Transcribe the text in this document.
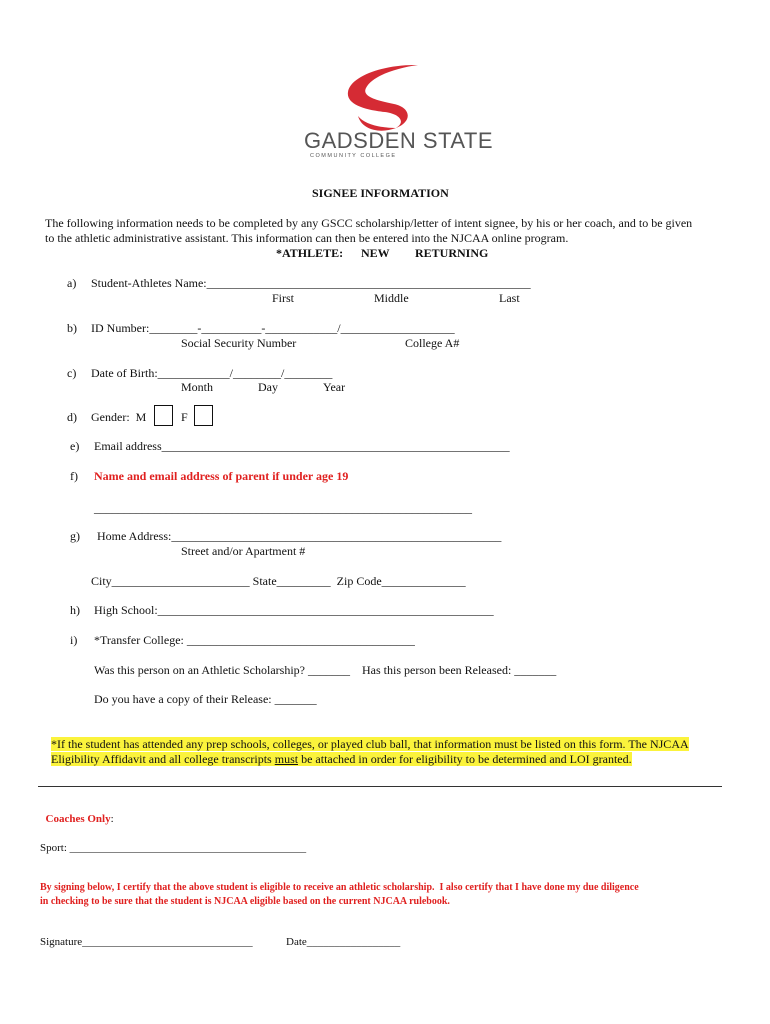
GADSDEN STATE
C O M M U N I T Y   C O L L E G E
SIGNEE INFORMATION
The following information needs to be completed by any GSCC scholarship/letter of intent signee, by his or her coach, and to be given
to the athletic administrative assistant. This information can then be entered into the NJCAA online program.
*ATHLETE: NEW RETURNING
a) Student-Athletes Name:______________________________________________________
First	Middle	Last
b) ID Number:________-__________-____________/___________________
Social Security Number	College A#
c) Date of Birth:____________/________/________
Month	Day	Year
d) Gender:  M	F
e) Email address__________________________________________________________
f) Name and email address of parent if under age 19
_______________________________________________________________
g) Home Address:_______________________________________________________
Street and/or Apartment #
City_______________________ State_________  Zip Code______________
h) High School:________________________________________________________
i) *Transfer College: ______________________________________
Was this person on an Athletic Scholarship? _______    Has this person been Released: _______
Do you have a copy of their Release: _______

*If the student has attended any prep schools, colleges, or played club ball, that information must be listed on this form. The NJCAA

Eligibility Affidavit and all college transcripts must be attached in order for eligibility to be determined and LOI granted.

Coaches Only:

Sport: ___________________________________________
By signing below, I certify that the above student is eligible to receive an athletic scholarship.  I also certify that I have done my due diligence
in checking to be sure that the student is NJCAA eligible based on the current NJCAA rulebook.
Signature_______________________________	Date_________________
